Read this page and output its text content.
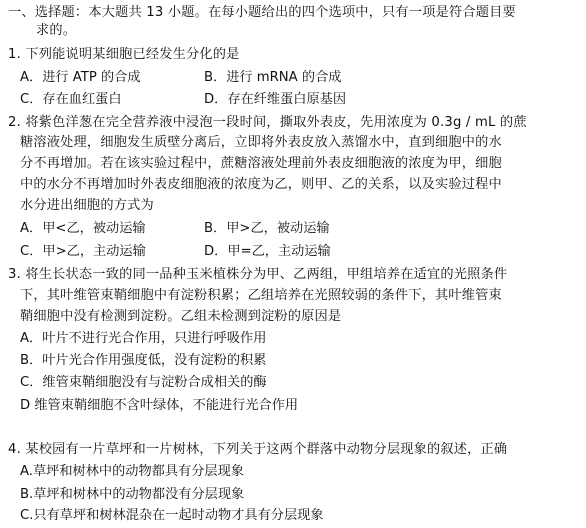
一、选择题：本大题共 13 小题。在每小题给出的四个选项中，只有一项是符合题目要
求的。
1. 下列能说明某细胞已经发生分化的是
A．进行 ATP 的合成	B．进行 mRNA 的合成
C．存在血红蛋白	D．存在纤维蛋白原基因
2. 将紫色洋葱在完全营养液中浸泡一段时间，撕取外表皮，先用浓度为 0.3g / mL 的蔗
糖溶液处理，细胞发生质壁分离后，立即将外表皮放入蒸馏水中，直到细胞中的水
分不再增加。若在该实验过程中，蔗糖溶液处理前外表皮细胞液的浓度为甲，细胞
中的水分不再增加时外表皮细胞液的浓度为乙，则甲、乙的关系，以及实验过程中
水分进出细胞的方式为
A．甲<乙，被动运输	B．甲>乙，被动运输
C．甲>乙，主动运输	D．甲=乙，主动运输
3. 将生长状态一致的同一品种玉米植株分为甲、乙两组，甲组培养在适宜的光照条件
下，其叶维管束鞘细胞中有淀粉积累；乙组培养在光照较弱的条件下，其叶维管束
鞘细胞中没有检测到淀粉。乙组未检测到淀粉的原因是
A．叶片不进行光合作用，只进行呼吸作用
B．叶片光合作用强度低，没有淀粉的积累
C．维管束鞘细胞没有与淀粉合成相关的酶
D 维管束鞘细胞不含叶绿体，不能进行光合作用
4. 某校园有一片草坪和一片树林，下列关于这两个群落中动物分层现象的叙述，正确
A.草坪和树林中的动物都具有分层现象
B.草坪和树林中的动物都没有分层现象
C.只有草坪和树林混杂在一起时动物才具有分层现象
